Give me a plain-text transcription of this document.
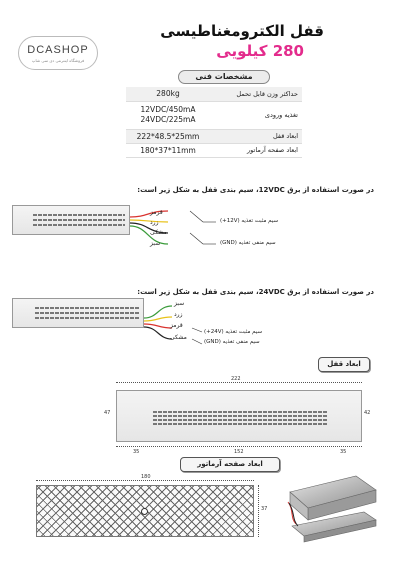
DCASHOP
فروشگاه اینترنتی دی سی شاپ
قفل الکترومغناطیسی
280 کیلویی
مشخصات فنی
280kg	حداکثر وزن قابل تحمل

12VDC/450mA
24VDC/225mA	تغذیه ورودی
222*48.5*25mm	ابعاد قفل
180*37*11mm	ابعاد صفحه آرماتور
در صورت استفاده از برق 12VDC، سیم بندی قفل به شکل زیر است:
قرمز
زرد
مشکی
سبز
سیم مثبت تغذیه (12V+)
سیم منفی تغذیه (GND)
در صورت استفاده از برق 24VDC، سیم بندی قفل به شکل زیر است:
سبز
زرد
قرمز
مشکی
سیم مثبت تغذیه (24V+)
سیم منفی تغذیه (GND)
ابعاد قفل
222
47	42
35	152	35
ابعاد صفحه آرماتور
180
37
